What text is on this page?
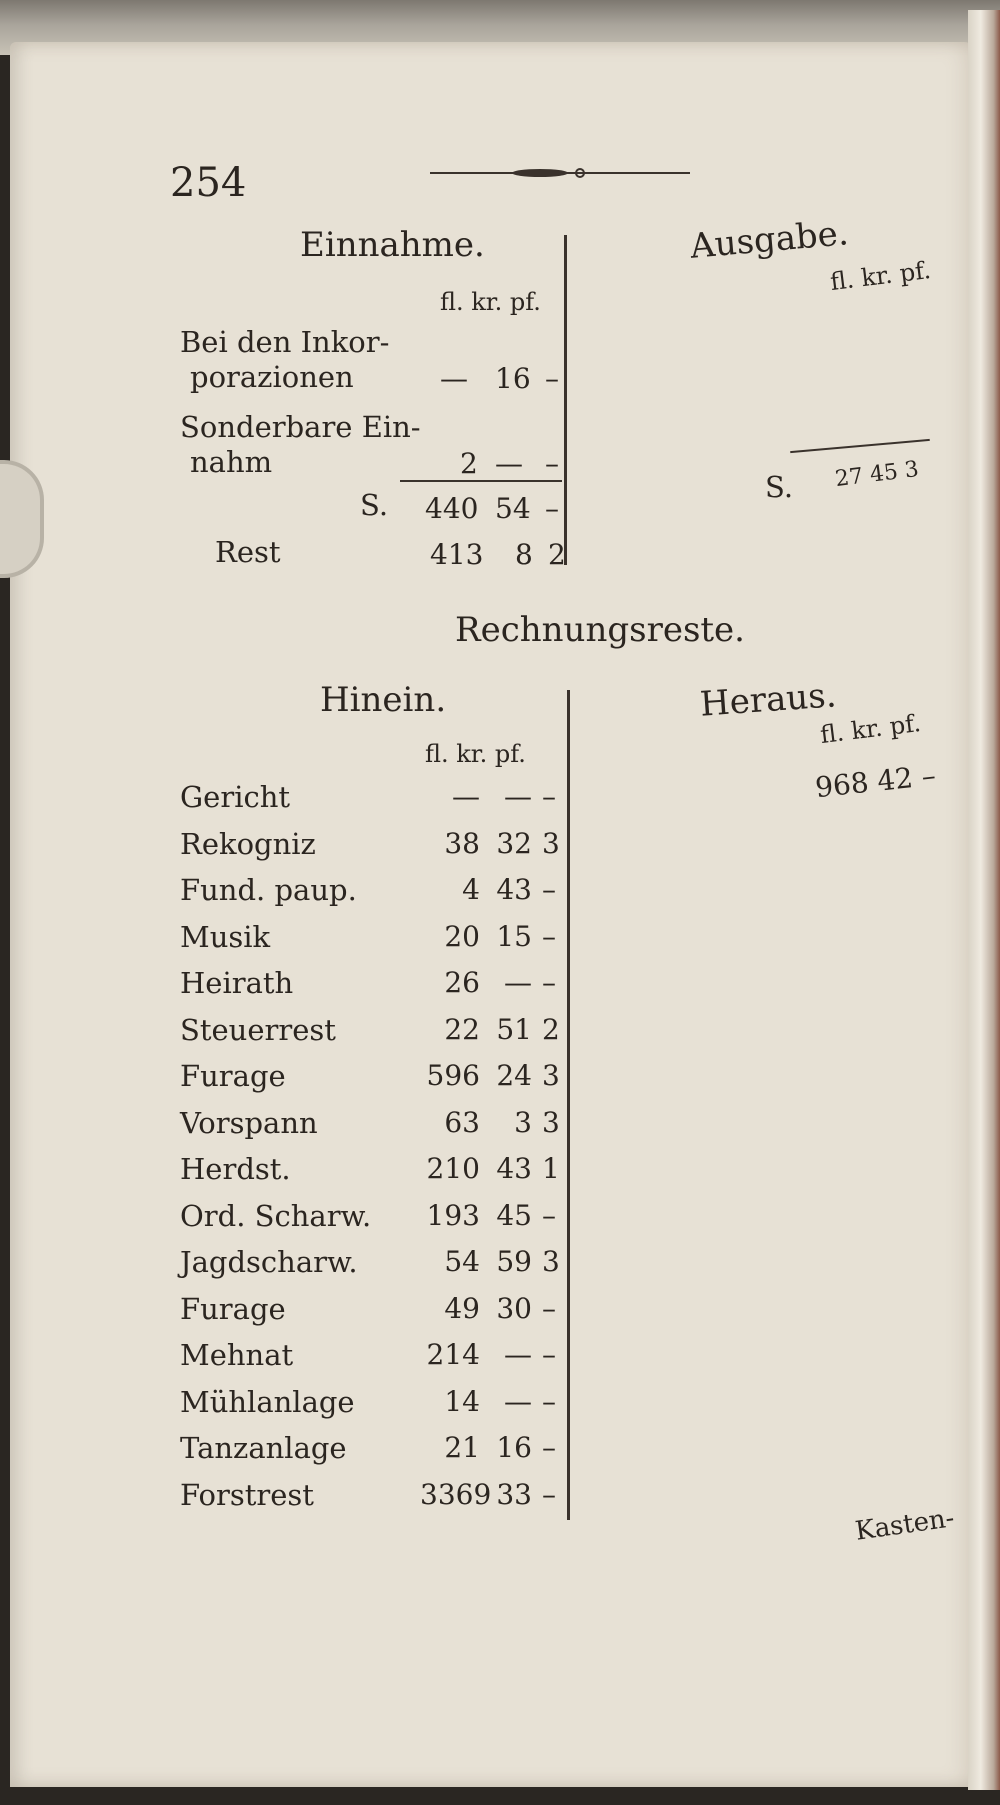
254
Einnahme.
fl. kr. pf.
Bei den Inkor-
porazionen	— 16 –
Sonderbare Ein-
nahm	2 — –
S. 440 54 –
Rest	413 8 2
Ausgabe.
fl. kr. pf.
S. 27 45 3
Rechnungsreste.
Hinein.
fl. kr. pf.
Heraus.
fl. kr. pf.
968 42 –
Gericht	— — –
Rekogniz	38 32 3
Fund. paup.	4 43 –
Musik	20 15 –
Heirath	26 — –
Steuerrest	22 51 2
Furage	596 24 3
Vorspann	63	3 3
Herdst.	210 43 1
Ord. Scharw. 193 45 –
Jagdscharw.	54 59 3
Furage	49 30 –
Mehnat	214 — –
Mühlanlage	14 — –
Tanzanlage	21 16 –
Forstrest	3369 33 –
Kasten-
